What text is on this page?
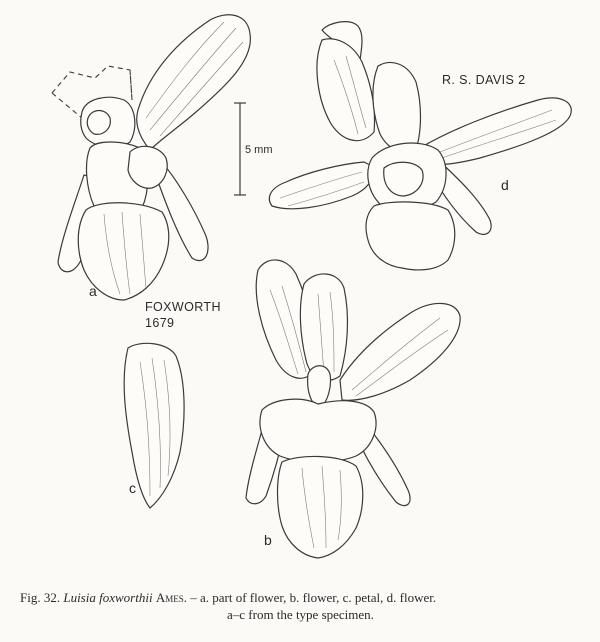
a
b
c
d
R. S. DAVIS 2
FOXWORTH
1679
5 mm
Fig. 32. Luisia foxworthii Ames. – a. part of flower, b. flower, c. petal, d. flower.
a–c from the type specimen.
